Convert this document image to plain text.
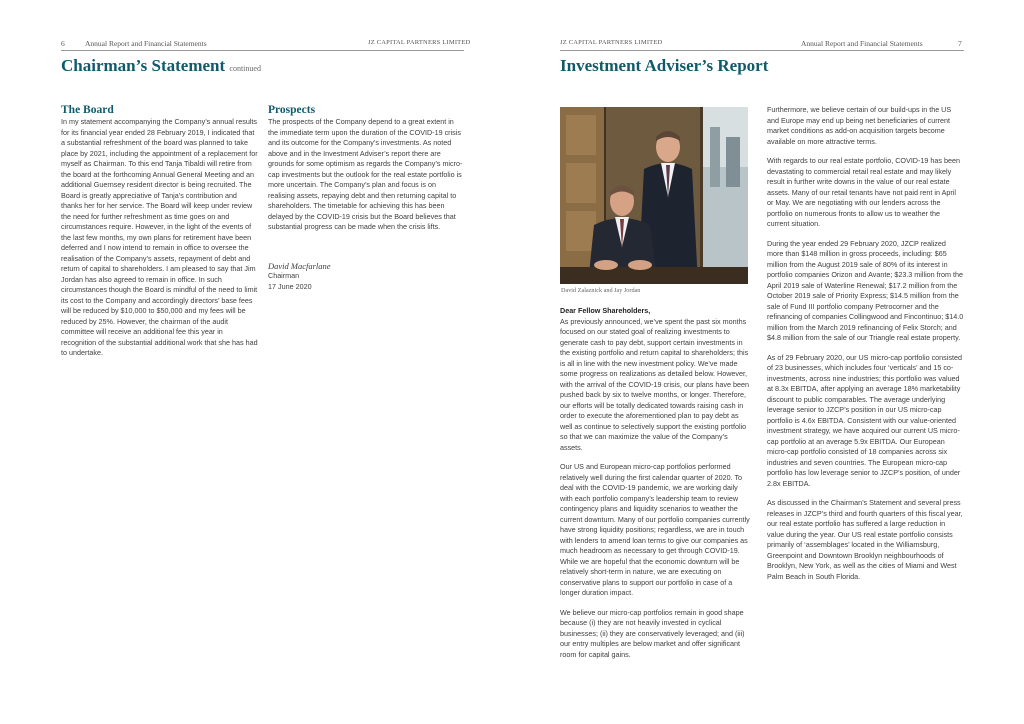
6	Annual Report and Financial Statements	JZ CAPITAL PARTNERS LIMITED
Chairman’s Statement continued
The Board

In my statement accompanying the Company’s annual results for its financial year ended 28 February 2019, I indicated that a substantial refreshment of the board was planned to take place by 2021, including the appointment of a replacement for myself as Chairman. To this end Tanja Tibaldi will retire from the board at the forthcoming Annual General Meeting and an additional Guernsey resident director is being recruited. The Board is greatly appreciative of Tanja’s contribution and thanks her for her service. The Board will keep under review the need for further refreshment as time goes on and circumstances require. However, in the light of the events of the last few months, my own plans for retirement have been deferred and I now intend to remain in office to oversee the realisation of the Company’s assets, repayment of debt and return of capital to shareholders. I am pleased to say that Jim Jordan has also agreed to remain in office. In such circumstances though the Board is mindful of the need to limit its cost to the Company and accordingly directors’ base fees will be reduced by $10,000 to $50,000 and my fees will be reduced by 25%. However, the chairman of the audit committee will receive an additional fee this year in recognition of the substantial additional work that she has had to undertake.

Prospects

The prospects of the Company depend to a great extent in the immediate term upon the duration of the COVID-19 crisis and its outcome for the Company’s investments. As noted above and in the Investment Adviser’s report there are grounds for some optimism as regards the Company’s micro-cap investments but the outlook for the real estate portfolio is more uncertain. The Company’s plan and focus is on realising assets, repaying debt and then returning capital to shareholders. The timetable for achieving this has been delayed by the COVID-19 crisis but the Board believes that substantial progress can be made when the crisis lifts.

David Macfarlane
Chairman
17 June 2020
JZ CAPITAL PARTNERS LIMITED	Annual Report and Financial Statements	7
Investment Adviser’s Report
David Zalaznick and Jay Jordan
Dear Fellow Shareholders,

As previously announced, we’ve spent the past six months focused on our stated goal of realizing investments to generate cash to pay debt, support certain investments in the existing portfolio and return capital to shareholders; this is all in line with the new investment policy. We’ve made some progress on realizations as detailed below. However, with the arrival of the COVID-19 crisis, our plans have been pushed back by six to twelve months, or longer. Therefore, our efforts will be totally dedicated towards raising cash in order to execute the aforementioned plan to pay debt as well as continue to selectively support the existing portfolio so that we can maximize the value of the Company’s assets.

Our US and European micro-cap portfolios performed relatively well during the first calendar quarter of 2020. To deal with the COVID-19 pandemic, we are working daily with each portfolio company’s leadership team to review contingency plans and liquidity scenarios to weather the current downturn. Many of our portfolio companies currently have strong liquidity positions; regardless, we are in touch with lenders to amend loan terms to give our companies as much headroom as necessary to get through COVID-19. While we are hopeful that the economic downturn will be relatively short-term in nature, we are executing on conservative plans to support our portfolio in case of a longer duration impact.

We believe our micro-cap portfolios remain in good shape because (i) they are not heavily invested in cyclical businesses; (ii) they are conservatively leveraged; and (iii) our entry multiples are below market and offer significant room for capital gains.

Furthermore, we believe certain of our build-ups in the US and Europe may end up being net beneficiaries of current market conditions as add-on acquisition targets become available on more attractive terms.

With regards to our real estate portfolio, COVID-19 has been devastating to commercial retail real estate and may likely result in further write downs in the value of our real estate assets. Many of our retail tenants have not paid rent in April or May. We are negotiating with our lenders across the portfolio on numerous fronts to allow us to weather the current situation.

During the year ended 29 February 2020, JZCP realized more than $148 million in gross proceeds, including: $65 million from the August 2019 sale of 80% of its interest in portfolio companies Orizon and Avante; $23.3 million from the April 2019 sale of Waterline Renewal; $17.2 million from the October 2019 sale of Priority Express; $14.5 million from the sale of Fund III portfolio company Petrocorner and the refinancing of companies Collingwood and Fincontinuo; $14.0 million from the March 2019 refinancing of Felix Storch; and $4.8 million from the sale of our Triangle real estate property.

As of 29 February 2020, our US micro-cap portfolio consisted of 23 businesses, which includes four ‘verticals’ and 15 co-investments, across nine industries; this portfolio was valued at 8.3x EBITDA, after applying an average 18% marketability discount to public comparables. The average underlying leverage senior to JZCP’s position in our US micro-cap portfolio is 4.6x EBITDA. Consistent with our value-oriented investment strategy, we have acquired our current US micro-cap portfolio at an average 5.9x EBITDA. Our European micro-cap portfolio consisted of 18 companies across six industries and seven countries. The European micro-cap portfolio has low leverage senior to JZCP’s position, of under 2.8x EBITDA.

As discussed in the Chairman’s Statement and several press releases in JZCP’s third and fourth quarters of this fiscal year, our real estate portfolio has suffered a large reduction in value during the year. Our US real estate portfolio consists primarily of ‘assemblages’ located in the Williamsburg, Greenpoint and Downtown Brooklyn neighbourhoods of Brooklyn, New York, as well as the cities of Miami and West Palm Beach in South Florida.
